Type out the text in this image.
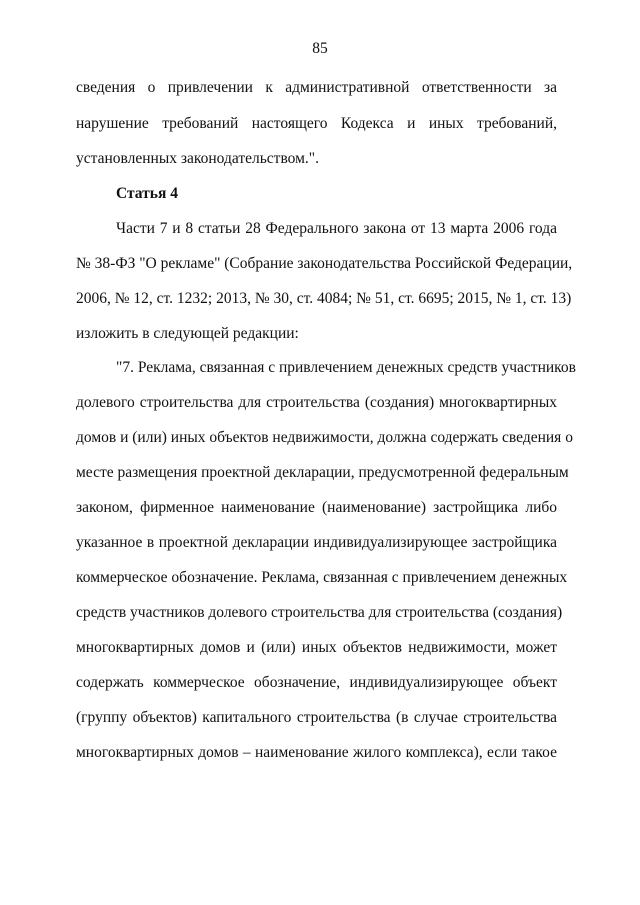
85
сведения о привлечении к административной ответственности за
нарушение требований настоящего Кодекса и иных требований,
установленных законодательством.".
Статья 4
Части 7 и 8 статьи 28 Федерального закона от 13 марта 2006 года
№ 38-ФЗ "О рекламе" (Собрание законодательства Российской Федерации,
2006, № 12, ст. 1232; 2013, № 30, ст. 4084; № 51, ст. 6695; 2015, № 1, ст. 13)
изложить в следующей редакции:
"7. Реклама, связанная с привлечением денежных средств участников
долевого строительства для строительства (создания) многоквартирных
домов и (или) иных объектов недвижимости, должна содержать сведения о
месте размещения проектной декларации, предусмотренной федеральным
законом, фирменное наименование (наименование) застройщика либо
указанное в проектной декларации индивидуализирующее застройщика
коммерческое обозначение. Реклама, связанная с привлечением денежных
средств участников долевого строительства для строительства (создания)
многоквартирных домов и (или) иных объектов недвижимости, может
содержать коммерческое обозначение, индивидуализирующее объект
(группу объектов) капитального строительства (в случае строительства
многоквартирных домов – наименование жилого комплекса), если такое
